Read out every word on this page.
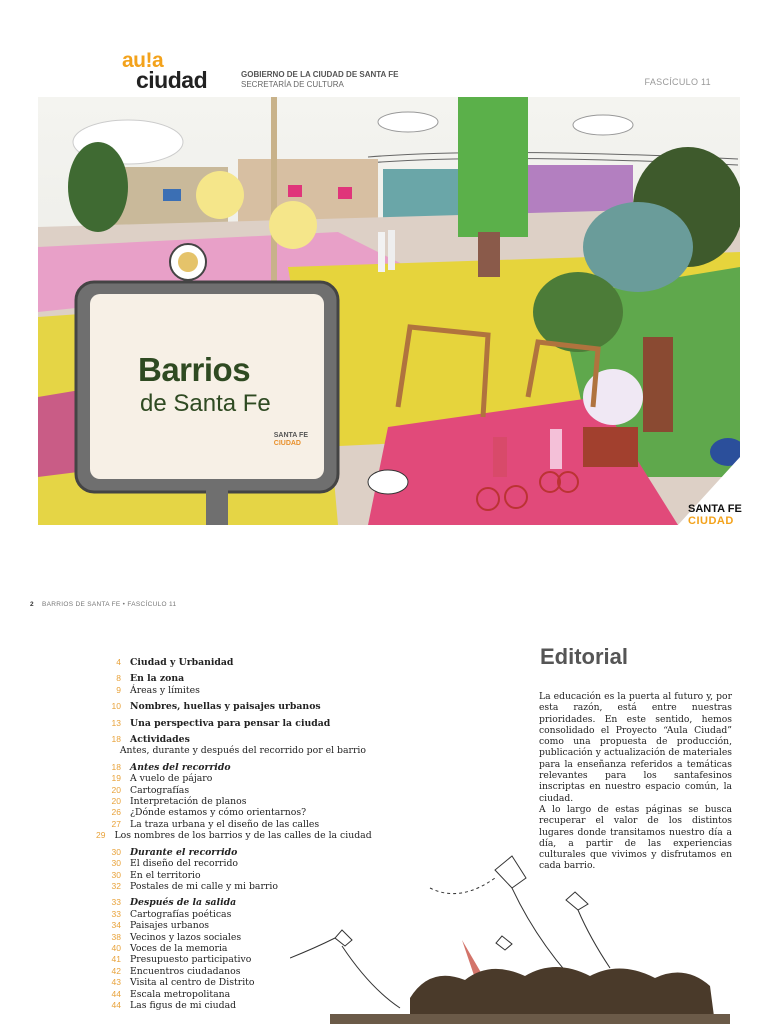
au!a
ciudad	GOBIERNO DE LA CIUDAD DE SANTA FE
SECRETARÍA DE CULTURA	FASCÍCULO 11
Barrios
de Santa Fe
SANTA FE
CIUDAD
SANTA FE
CIUDAD
2 BARRIOS DE SANTA FE • FASCÍCULO 11
4 Ciudad y Urbanidad
8 En la zona
9 Áreas y límites
10 Nombres, huellas y paisajes urbanos
13 Una perspectiva para pensar la ciudad
18 Actividades
Antes, durante y después del recorrido por el barrio
18 Antes del recorrido
19 A vuelo de pájaro
20 Cartografías
20 Interpretación de planos
26 ¿Dónde estamos y cómo orientarnos?
27 La traza urbana y el diseño de las calles
29 Los nombres de los barrios y de las calles de la ciudad
30 Durante el recorrido
30 El diseño del recorrido
30 En el territorio
32 Postales de mi calle y mi barrio
33 Después de la salida
33 Cartografías poéticas
34 Paisajes urbanos
38 Vecinos y lazos sociales
40 Voces de la memoria
41 Presupuesto participativo
42 Encuentros ciudadanos
43 Visita al centro de Distrito
44 Escala metropolitana
44 Las figus de mi ciudad
Editorial

La educación es la puerta al futuro y, por esta razón, está entre nuestras prioridades. En este sentido, hemos consolidado el Proyecto “Aula Ciudad” como una propuesta de producción, publicación y actualización de materiales para la enseñanza referidos a temáticas relevantes para los santafesinos inscriptas en nuestro espacio común, la ciudad.

A lo largo de estas páginas se busca recuperar el valor de los distintos lugares donde transitamos nuestro día a día, a partir de las experiencias culturales que vivimos y disfrutamos en cada barrio.
